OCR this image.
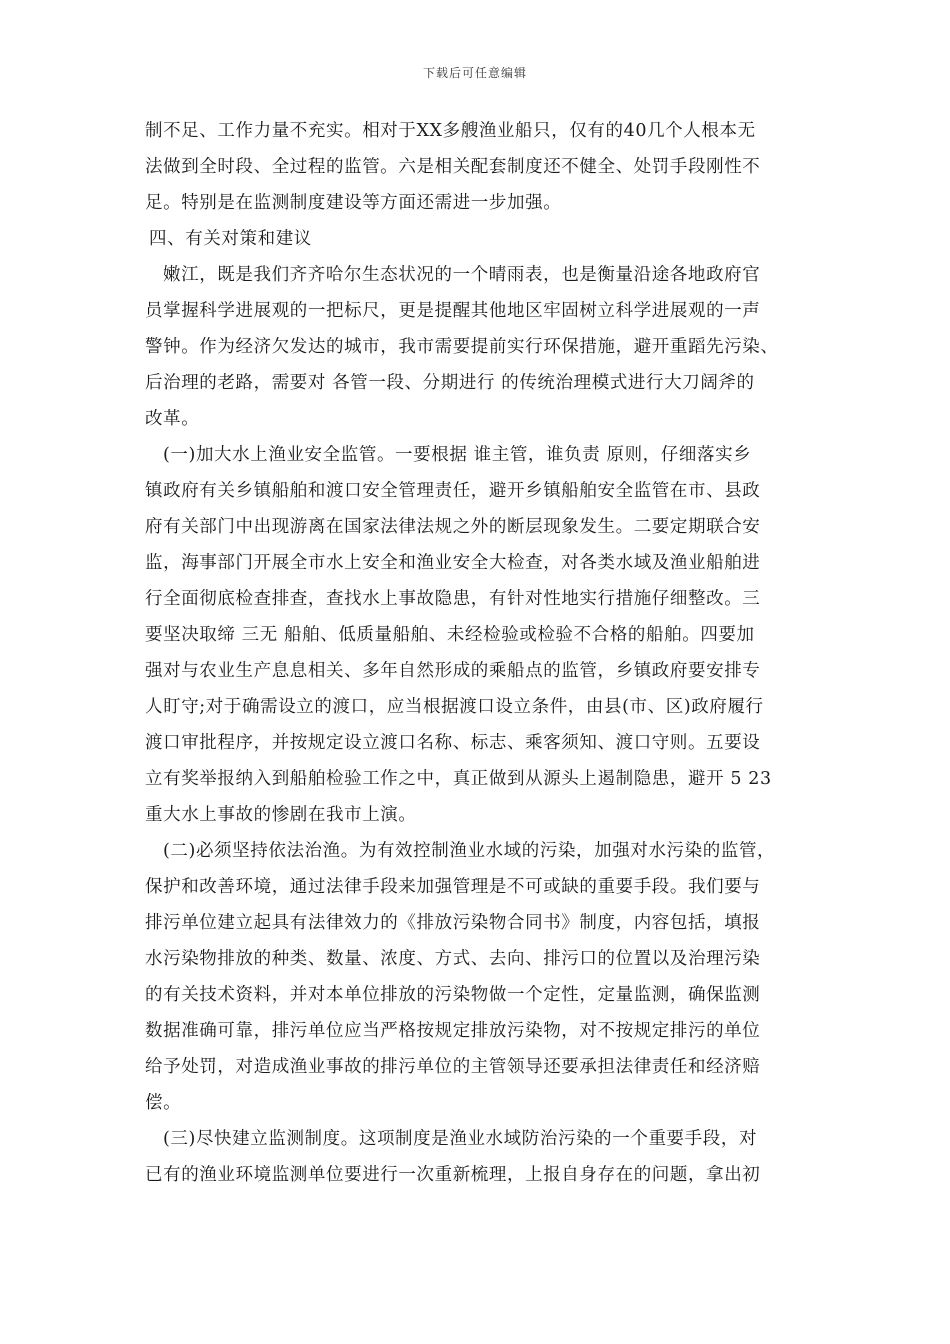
下载后可任意编辑
制不足、工作力量不充实。相对于XX多艘渔业船只，仅有的40几个人根本无
法做到全时段、全过程的监管。六是相关配套制度还不健全、处罚手段刚性不
足。特别是在监测制度建设等方面还需进一步加强。
四、有关对策和建议
嫩江，既是我们齐齐哈尔生态状况的一个晴雨表，也是衡量沿途各地政府官
员掌握科学进展观的一把标尺，更是提醒其他地区牢固树立科学进展观的一声
警钟。作为经济欠发达的城市，我市需要提前实行环保措施，避开重蹈先污染、
后治理的老路，需要对 各管一段、分期进行 的传统治理模式进行大刀阔斧的
改革。
(一)加大水上渔业安全监管。一要根据 谁主管，谁负责 原则，仔细落实乡
镇政府有关乡镇船舶和渡口安全管理责任，避开乡镇船舶安全监管在市、县政
府有关部门中出现游离在国家法律法规之外的断层现象发生。二要定期联合安
监，海事部门开展全市水上安全和渔业安全大检查，对各类水域及渔业船舶进
行全面彻底检查排查，查找水上事故隐患，有针对性地实行措施仔细整改。三
要坚决取缔 三无 船舶、低质量船舶、未经检验或检验不合格的船舶。四要加
强对与农业生产息息相关、多年自然形成的乘船点的监管，乡镇政府要安排专
人盯守;对于确需设立的渡口，应当根据渡口设立条件，由县(市、区)政府履行
渡口审批程序，并按规定设立渡口名称、标志、乘客须知、渡口守则。五要设
立有奖举报纳入到船舶检验工作之中，真正做到从源头上遏制隐患，避开 5 23
重大水上事故的惨剧在我市上演。
(二)必须坚持依法治渔。为有效控制渔业水域的污染，加强对水污染的监管，
保护和改善环境，通过法律手段来加强管理是不可或缺的重要手段。我们要与
排污单位建立起具有法律效力的《排放污染物合同书》制度，内容包括，填报
水污染物排放的种类、数量、浓度、方式、去向、排污口的位置以及治理污染
的有关技术资料，并对本单位排放的污染物做一个定性，定量监测，确保监测
数据准确可靠，排污单位应当严格按规定排放污染物，对不按规定排污的单位
给予处罚，对造成渔业事故的排污单位的主管领导还要承担法律责任和经济赔
偿。
(三)尽快建立监测制度。这项制度是渔业水域防治污染的一个重要手段，对
已有的渔业环境监测单位要进行一次重新梳理，上报自身存在的问题，拿出初
